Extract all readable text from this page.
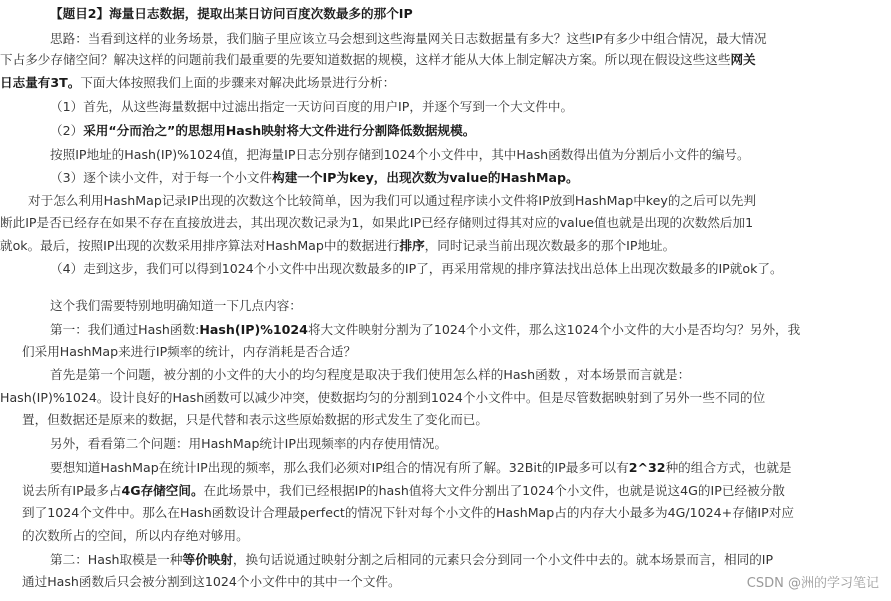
【题目2】海量日志数据，提取出某日访问百度次数最多的那个IP
思路：当看到这样的业务场景，我们脑子里应该立马会想到这些海量网关日志数据量有多大？这些IP有多少中组合情况，最大情况
下占多少存储空间？解决这样的问题前我们最重要的先要知道数据的规模，这样才能从大体上制定解决方案。所以现在假设这些这些网关
日志量有3T。下面大体按照我们上面的步骤来对解决此场景进行分析：
（1）首先，从这些海量数据中过滤出指定一天访问百度的用户IP，并逐个写到一个大文件中。
（2）采用“分而治之”的思想用Hash映射将大文件进行分割降低数据规模。
按照IP地址的Hash(IP)%1024值，把海量IP日志分别存储到1024个小文件中，其中Hash函数得出值为分割后小文件的编号。
（3）逐个读小文件，对于每一个小文件构建一个IP为key，出现次数为value的HashMap。
对于怎么利用HashMap记录IP出现的次数这个比较简单，因为我们可以通过程序读小文件将IP放到HashMap中key的之后可以先判
断此IP是否已经存在如果不存在直接放进去，其出现次数记录为1，如果此IP已经存储则过得其对应的value值也就是出现的次数然后加1
就ok。最后，按照IP出现的次数采用排序算法对HashMap中的数据进行排序，同时记录当前出现次数最多的那个IP地址。
（4）走到这步，我们可以得到1024个小文件中出现次数最多的IP了，再采用常规的排序算法找出总体上出现次数最多的IP就ok了。
这个我们需要特别地明确知道一下几点内容：
第一：我们通过Hash函数:Hash(IP)%1024将大文件映射分割为了1024个小文件，那么这1024个小文件的大小是否均匀？另外，我
们采用HashMap来进行IP频率的统计，内存消耗是否合适？
首先是第一个问题，被分割的小文件的大小的均匀程度是取决于我们使用怎么样的Hash函数 ，对本场景而言就是：
Hash(IP)%1024。设计良好的Hash函数可以减少冲突，使数据均匀的分割到1024个小文件中。但是尽管数据映射到了另外一些不同的位
置，但数据还是原来的数据，只是代替和表示这些原始数据的形式发生了变化而已。
另外，看看第二个问题：用HashMap统计IP出现频率的内存使用情况。
要想知道HashMap在统计IP出现的频率，那么我们必须对IP组合的情况有所了解。32Bit的IP最多可以有2^32种的组合方式，也就是
说去所有IP最多占4G存储空间。在此场景中，我们已经根据IP的hash值将大文件分割出了1024个小文件，也就是说这4G的IP已经被分散
到了1024个文件中。那么在Hash函数设计合理最perfect的情况下针对每个小文件的HashMap占的内存大小最多为4G/1024+存储IP对应
的次数所占的空间，所以内存绝对够用。
第二：Hash取模是一种等价映射，换句话说通过映射分割之后相同的元素只会分到同一个小文件中去的。就本场景而言，相同的IP
通过Hash函数后只会被分割到这1024个小文件中的其中一个文件。	CSDN @洲的学习笔记
